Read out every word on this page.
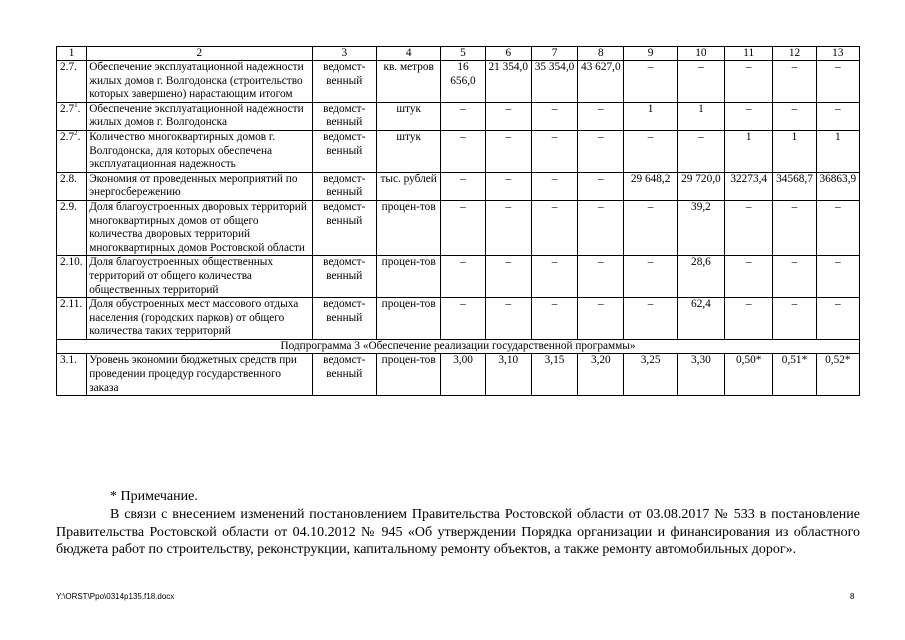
1	2	3	4	5	6	7	8	9	10	11	12	13
2.7.	Обеспечение эксплуатационной надежности жилых домов г. Волгодонска (строительство которых завершено) нарастающим итогом	ведомст-венный	кв. метров	16 656,0	21 354,0	35 354,0	43 627,0	–	–	–	–	–
$2.7^1$.	Обеспечение эксплуатационной надежности жилых домов г. Волгодонска	ведомст-венный	штук	–	–	–	–	1	1	–	–	–
$2.7^2$.	Количество многоквартирных домов г. Волгодонска, для которых обеспечена эксплуатационная надежность	ведомст-венный	штук	–	–	–	–	–	–	1	1	1
2.8.	Экономия от проведенных мероприятий по энергосбережению	ведомст-венный	тыс. рублей	–	–	–	–	29 648,2	29 720,0	32273,4	34568,7	36863,9
2.9.	Доля благоустроенных дворовых территорий многоквартирных домов от общего количества дворовых территорий многоквартирных домов Ростовской области	ведомст-венный	процен-тов	–	–	–	–	–	39,2	–	–	–
2.10.	Доля благоустроенных общественных территорий от общего количества общественных территорий	ведомст-венный	процен-тов	–	–	–	–	–	28,6	–	–	–
2.11.	Доля обустроенных мест массового отдыха населения (городских парков) от общего количества таких территорий	ведомст-венный	процен-тов	–	–	–	–	–	62,4	–	–	–
Подпрограмма 3 «Обеспечение реализации государственной программы»												
3.1.	Уровень экономии бюджетных средств при проведении процедур государственного заказа	ведомст-венный	процен-тов	3,00	3,10	3,15	3,20	3,25	3,30	0,50*	0,51*	0,52*
* Примечание.
В связи с внесением изменений постановлением Правительства Ростовской области от 03.08.2017 № 533 в постановление Правительства Ростовской области от 04.10.2012 № 945 «Об утверждении Порядка организации и финансирования из областного бюджета работ по строительству, реконструкции, капитальному ремонту объектов, а также ремонту автомобильных дорог».
Y:\ORST\Ppo\0314p135.f18.docx	8
